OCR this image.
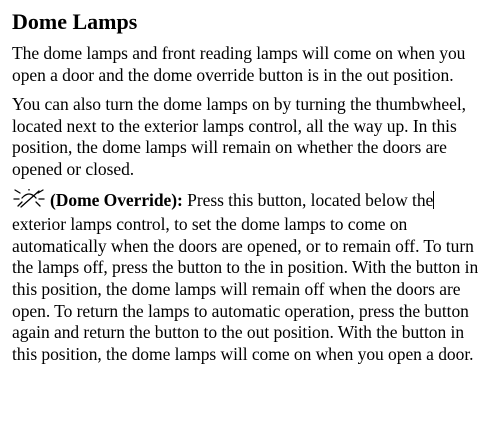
Dome Lamps

The dome lamps and front reading lamps will come on when you open a door and the dome override button is in the out position.

You can also turn the dome lamps on by turning the thumbwheel, located next to the exterior lamps control, all the way up. In this position, the dome lamps will remain on whether the doors are opened or closed.

(Dome Override): Press this button, located below the exterior lamps control, to set the dome lamps to come on automatically when the doors are opened, or to remain off. To turn the lamps off, press the button to the in position. With the button in this position, the dome lamps will remain off when the doors are open. To return the lamps to automatic operation, press the button again and return the button to the out position. With the button in this position, the dome lamps will come on when you open a door.
